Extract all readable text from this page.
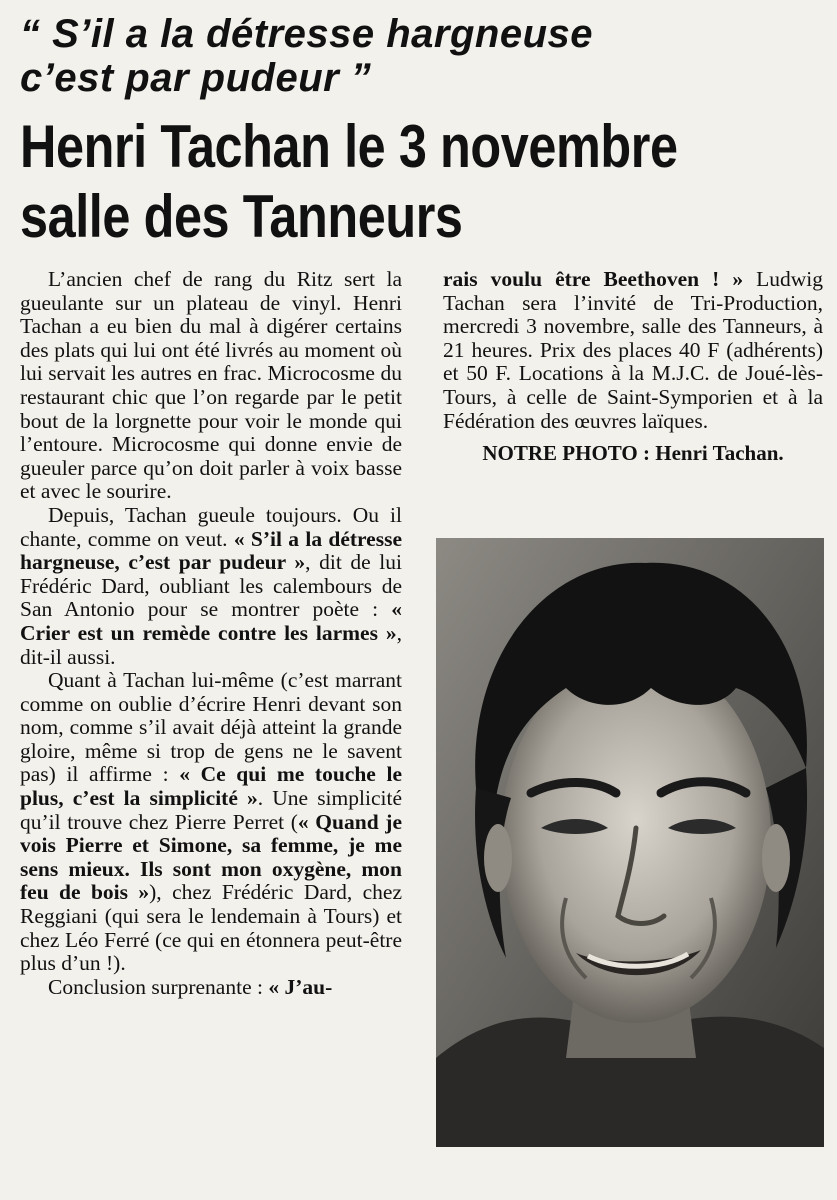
“ S’il a la détresse hargneuse
c’est par pudeur ”
Henri Tachan le 3 novembre
salle des Tanneurs

L’ancien chef de rang du Ritz sert la gueulante sur un plateau de vinyl. Henri Tachan a eu bien du mal à digérer certains des plats qui lui ont été livrés au moment où lui servait les autres en frac. Microcosme du restaurant chic que l’on regarde par le petit bout de la lorgnette pour voir le monde qui l’entoure. Microcosme qui donne envie de gueuler parce qu’on doit parler à voix basse et avec le sourire.

Depuis, Tachan gueule toujours. Ou il chante, comme on veut. « S’il a la détresse hargneuse, c’est par pudeur », dit de lui Frédéric Dard, oubliant les calembours de San Antonio pour se montrer poète : « Crier est un remède contre les larmes », dit-il aussi.

Quant à Tachan lui-même (c’est marrant comme on oublie d’écrire Henri devant son nom, comme s’il avait déjà atteint la grande gloire, même si trop de gens ne le savent pas) il affirme : « Ce qui me touche le plus, c’est la simplicité ». Une simplicité qu’il trouve chez Pierre Perret (« Quand je vois Pierre et Simone, sa femme, je me sens mieux. Ils sont mon oxygène, mon feu de bois »), chez Frédéric Dard, chez Reggiani (qui sera le lendemain à Tours) et chez Léo Ferré (ce qui en étonnera peut-être plus d’un !).

Conclusion surprenante : « J’au-

rais voulu être Beethoven ! » Ludwig Tachan sera l’invité de Tri-Production, mercredi 3 novembre, salle des Tanneurs, à 21 heures. Prix des places 40 F (adhérents) et 50 F. Locations à la M.J.C. de Joué-lès-Tours, à celle de Saint-Symporien et à la Fédération des œuvres laïques.

NOTRE PHOTO : Henri Tachan.
